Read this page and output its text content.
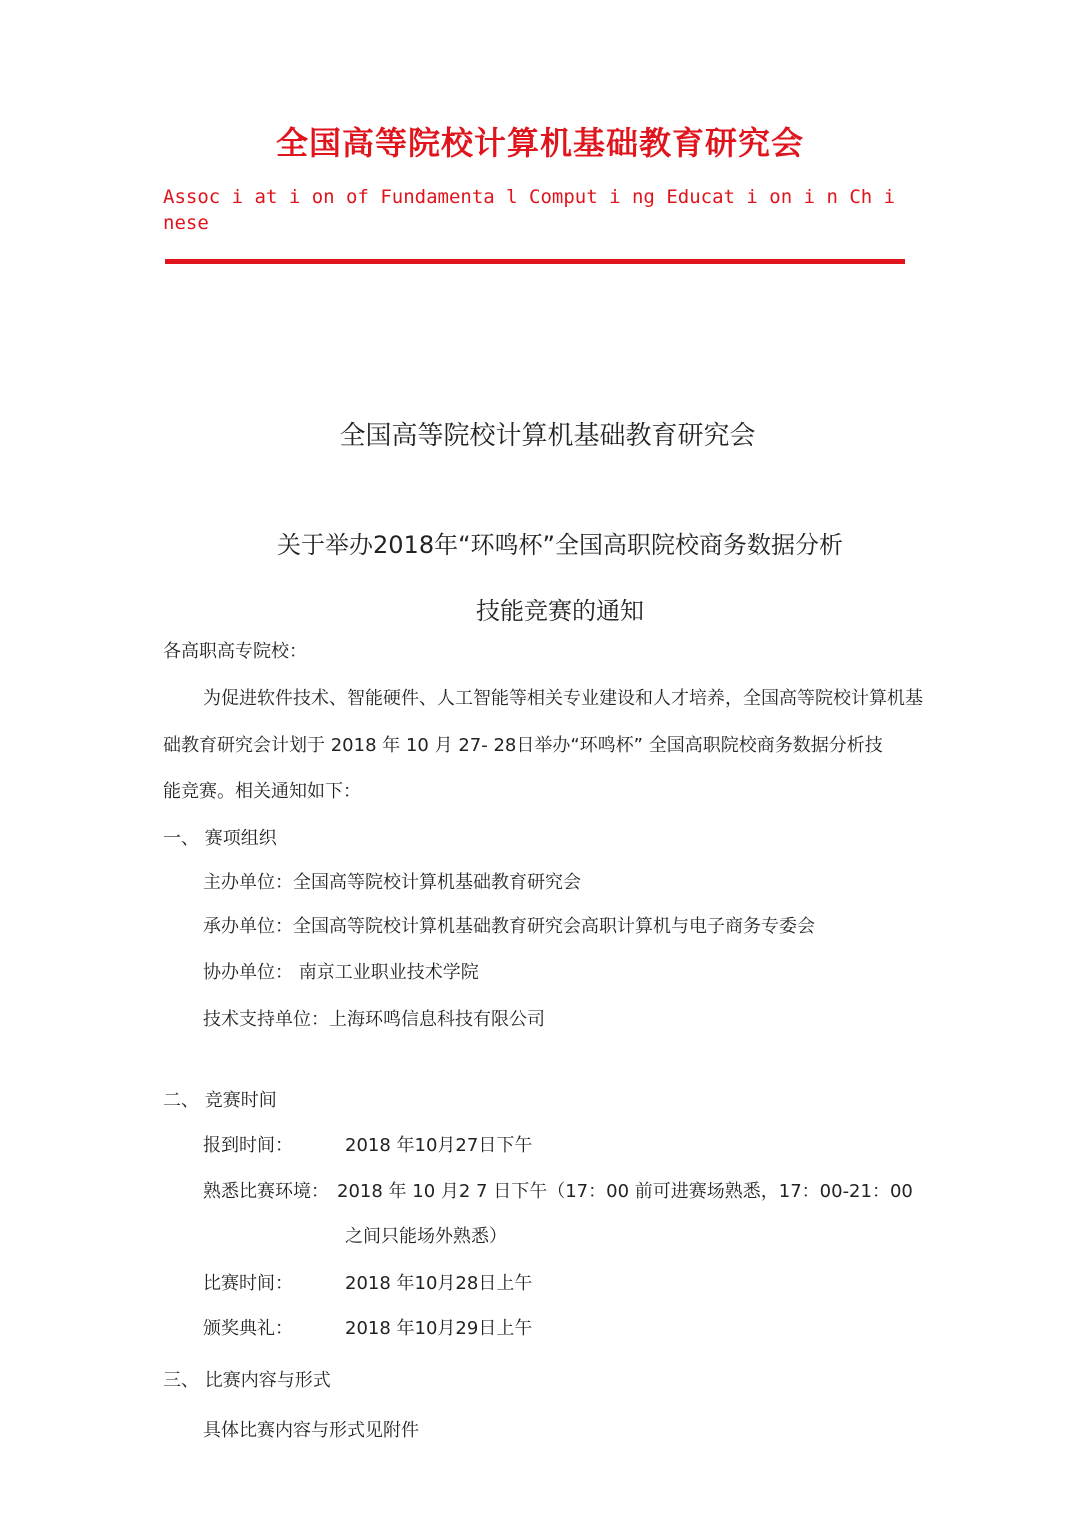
全国高等院校计算机基础教育研究会
Assoc i at i on of Fundamenta l Comput i ng Educat i on i n Ch i nese
全国高等院校计算机基础教育研究会
关于举办2018年“环鸣杯”全国高职院校商务数据分析
技能竞赛的通知
各高职高专院校：
为促进软件技术、智能硬件、人工智能等相关专业建设和人才培养，全国高等院校计算机基
础教育研究会计划于 2018 年 10 月 27- 28日举办“环鸣杯” 全国高职院校商务数据分析技
能竞赛。相关通知如下：
一、 赛项组织
主办单位：全国高等院校计算机基础教育研究会
承办单位：全国高等院校计算机基础教育研究会高职计算机与电子商务专委会
协办单位： 南京工业职业技术学院
技术支持单位：上海环鸣信息科技有限公司
二、 竞赛时间
报到时间：	2018 年10月27日下午
熟悉比赛环境： 2018 年 10 月2 7 日下午（17：00 前可进赛场熟悉，17：00-21：00
之间只能场外熟悉）
比赛时间：	2018 年10月28日上午
颁奖典礼：	2018 年10月29日上午
三、 比赛内容与形式
具体比赛内容与形式见附件
